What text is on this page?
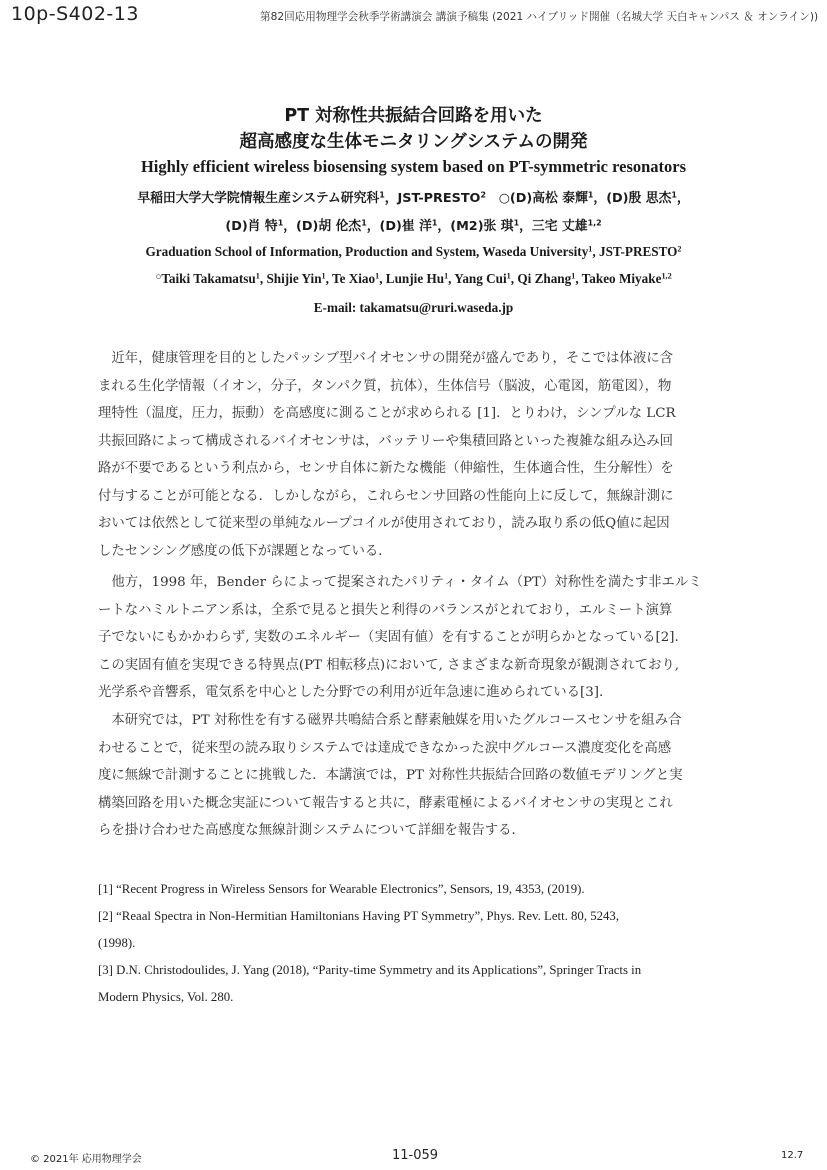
10p-S402-13	第82回応用物理学会秋季学術講演会 講演予稿集 (2021 ハイブリッド開催（名城大学 天白キャンパス ＆ オンライン))
PT 対称性共振結合回路を用いた
超高感度な生体モニタリングシステムの開発
Highly efficient wireless biosensing system based on PT-symmetric resonators
早稲田大学大学院情報生産システム研究科$^1$，JST-PRESTO$^2$　○(D)高松 泰輝$^1$，(D)殷 思杰$^1$，
(D)肖 特$^1$，(D)胡 伦杰$^1$，(D)崔 洋$^1$，(M2)张 琪$^1$，三宅 丈雄$^{1,2}$
Graduation School of Information, Production and System, Waseda University$^1$, JST-PRESTO$^2$
○Taiki Takamatsu$^1$, Shijie Yin$^1$, Te Xiao$^1$, Lunjie Hu$^1$, Yang Cui$^1$, Qi Zhang$^1$, Takeo Miyake$^{1,2}$
E-mail: takamatsu@ruri.waseda.jp
　近年，健康管理を目的としたパッシブ型バイオセンサの開発が盛んであり，そこでは体液に含
まれる生化学情報（イオン，分子，タンパク質，抗体），生体信号（脳波，心電図，筋電図），物
理特性（温度，圧力，振動）を高感度に測ることが求められる [1]．とりわけ，シンプルな LCR
共振回路によって構成されるバイオセンサは，バッテリーや集積回路といった複雑な組み込み回
路が不要であるという利点から，センサ自体に新たな機能（伸縮性，生体適合性，生分解性）を
付与することが可能となる．しかしながら，これらセンサ回路の性能向上に反して，無線計測に
おいては依然として従来型の単純なループコイルが使用されており，読み取り系の低Q値に起因
したセンシング感度の低下が課題となっている．
　他方，1998 年，Bender らによって提案されたパリティ・タイム（PT）対称性を満たす非エルミ
ートなハミルトニアン系は，全系で見ると損失と利得のバランスがとれており，エルミート演算
子でないにもかかわらず, 実数のエネルギー（実固有値）を有することが明らかとなっている[2].
この実固有値を実現できる特異点(PT 相転移点)において, さまざまな新奇現象が観測されており,
光学系や音響系，電気系を中心とした分野での利用が近年急速に進められている[3].
　本研究では，PT 対称性を有する磁界共鳴結合系と酵素触媒を用いたグルコースセンサを組み合
わせることで，従来型の読み取りシステムでは達成できなかった涙中グルコース濃度変化を高感
度に無線で計測することに挑戦した．本講演では，PT 対称性共振結合回路の数値モデリングと実
構築回路を用いた概念実証について報告すると共に，酵素電極によるバイオセンサの実現とこれ
らを掛け合わせた高感度な無線計測システムについて詳細を報告する．
[1] “Recent Progress in Wireless Sensors for Wearable Electronics”, Sensors, 19, 4353, (2019).
[2] “Reaal Spectra in Non-Hermitian Hamiltonians Having PT Symmetry”, Phys. Rev. Lett. 80, 5243,
(1998).
[3] D.N. Christodoulides, J. Yang (2018), “Parity-time Symmetry and its Applications”, Springer Tracts in
Modern Physics, Vol. 280.
© 2021年 応用物理学会	11-059	12.7
